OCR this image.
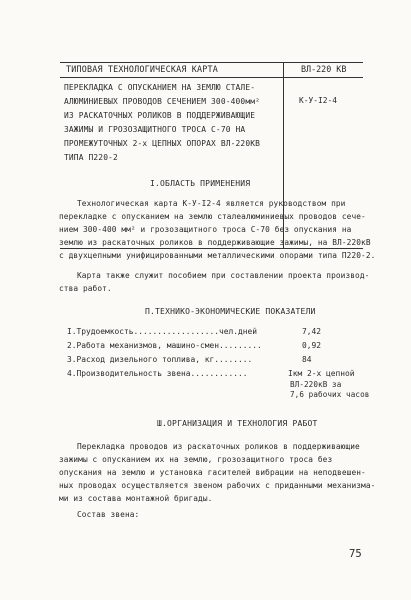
ТИПОВАЯ ТЕХНОЛОГИЧЕСКАЯ КАРТА	ВЛ-220 КВ
ПЕРЕКЛАДКА С ОПУСКАНИЕМ НА ЗЕМЛЮ СТАЛЕ-
АЛЮМИНИЕВЫХ ПРОВОДОВ СЕЧЕНИЕМ 300-400мм²
ИЗ РАСКАТОЧНЫХ РОЛИКОВ В ПОДДЕРЖИВАЮЩИЕ
ЗАЖИМЫ И ГРОЗОЗАЩИТНОГО ТРОСА С-70 НА
ПРОМЕЖУТОЧНЫХ 2-х ЦЕПНЫХ ОПОРАХ ВЛ-220КВ
ТИПА П220-2
К-У-I2-4
I.ОБЛАСТЬ ПРИМЕНЕНИЯ
Технологическая карта К-У-I2-4 является руководством при
перекладке с опусканием на землю сталеалюминиевых проводов сече-
нием 300-400 мм² и грозозащитного троса С-70 без опускания на
землю из раскаточных роликов в поддерживающие зажимы, на ВЛ-220кВ
с двухцепными унифицированными металлическими опорами типа П220-2.
Карта также служит пособием при составлении проекта производ-
ства работ.
П.ТЕХНИКО-ЭКОНОМИЧЕСКИЕ ПОКАЗАТЕЛИ
I.Трудоемкость..................чел.дней	7,42
2.Работа механизмов, машино-смен.........	0,92
3.Расход дизельного топлива, кг........	84
4.Производительность звена............	Iкм 2-х цепной
ВЛ-220кВ за
7,6 рабочих часов
Ш.ОРГАНИЗАЦИЯ И ТЕХНОЛОГИЯ РАБОТ
Перекладка проводов из раскаточных роликов в поддерживающие
зажимы с опусканием их на землю, грозозащитного троса без
опускания на землю и установка гасителей вибрации на неподвешен-
ных проводах осуществляется звеном рабочих с приданными механизма-
ми из состава монтажной бригады.
Состав звена:
75
